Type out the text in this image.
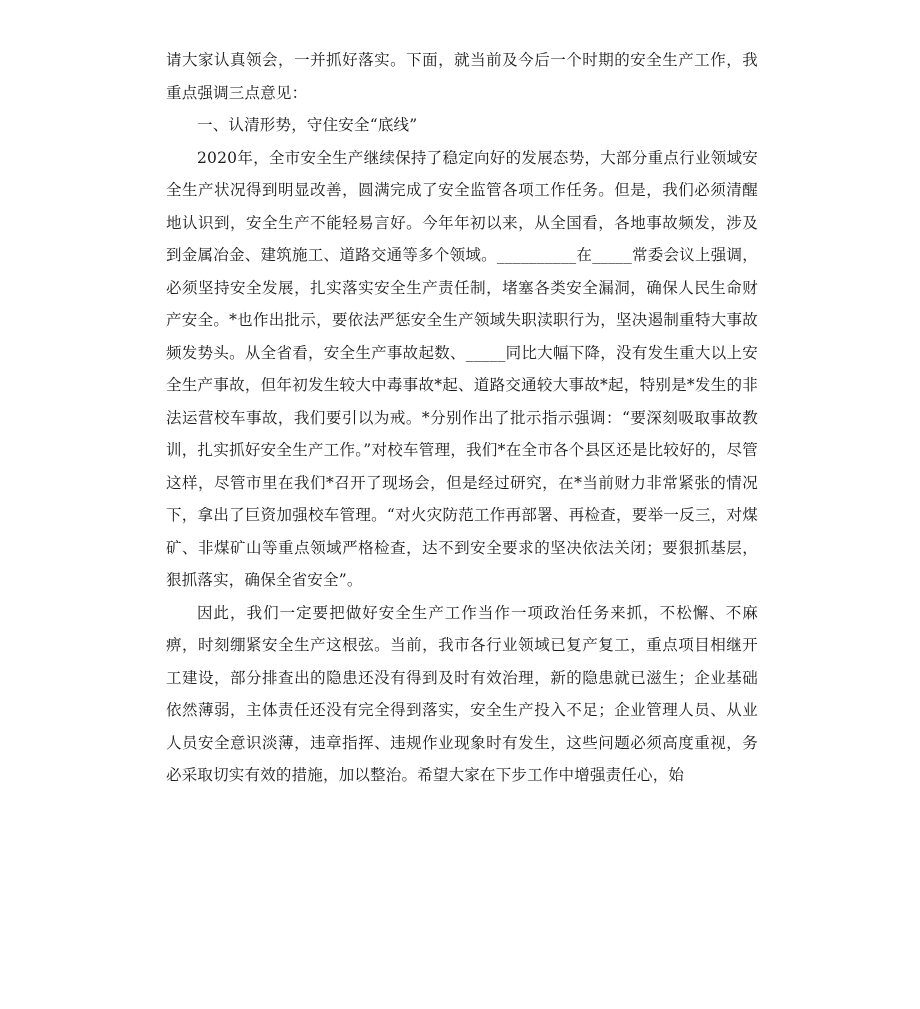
请大家认真领会，一并抓好落实。下面，就当前及今后一个时期的安全生产工作，我重点强调三点意见：

一、认清形势，守住安全“底线”

2020年，全市安全生产继续保持了稳定向好的发展态势，大部分重点行业领域安全生产状况得到明显改善，圆满完成了安全监管各项工作任务。但是，我们必须清醒地认识到，安全生产不能轻易言好。今年年初以来，从全国看，各地事故频发，涉及到金属冶金、建筑施工、道路交通等多个领域。__________在_____常委会议上强调，必须坚持安全发展，扎实落实安全生产责任制，堵塞各类安全漏洞，确保人民生命财产安全。*也作出批示，要依法严惩安全生产领域失职渎职行为，坚决遏制重特大事故频发势头。从全省看，安全生产事故起数、_____同比大幅下降，没有发生重大以上安全生产事故，但年初发生较大中毒事故*起、道路交通较大事故*起，特别是*发生的非法运营校车事故，我们要引以为戒。*分别作出了批示指示强调：“要深刻吸取事故教训，扎实抓好安全生产工作。”对校车管理，我们*在全市各个县区还是比较好的，尽管这样，尽管市里在我们*召开了现场会，但是经过研究，在*当前财力非常紧张的情况下，拿出了巨资加强校车管理。“对火灾防范工作再部署、再检查，要举一反三，对煤矿、非煤矿山等重点领域严格检查，达不到安全要求的坚决依法关闭；要狠抓基层，狠抓落实，确保全省安全”。

因此，我们一定要把做好安全生产工作当作一项政治任务来抓，不松懈、不麻痹，时刻绷紧安全生产这根弦。当前，我市各行业领域已复产复工，重点项目相继开工建设，部分排查出的隐患还没有得到及时有效治理，新的隐患就已滋生；企业基础依然薄弱，主体责任还没有完全得到落实，安全生产投入不足；企业管理人员、从业人员安全意识淡薄，违章指挥、违规作业现象时有发生，这些问题必须高度重视，务必采取切实有效的措施，加以整治。希望大家在下步工作中增强责任心，始
